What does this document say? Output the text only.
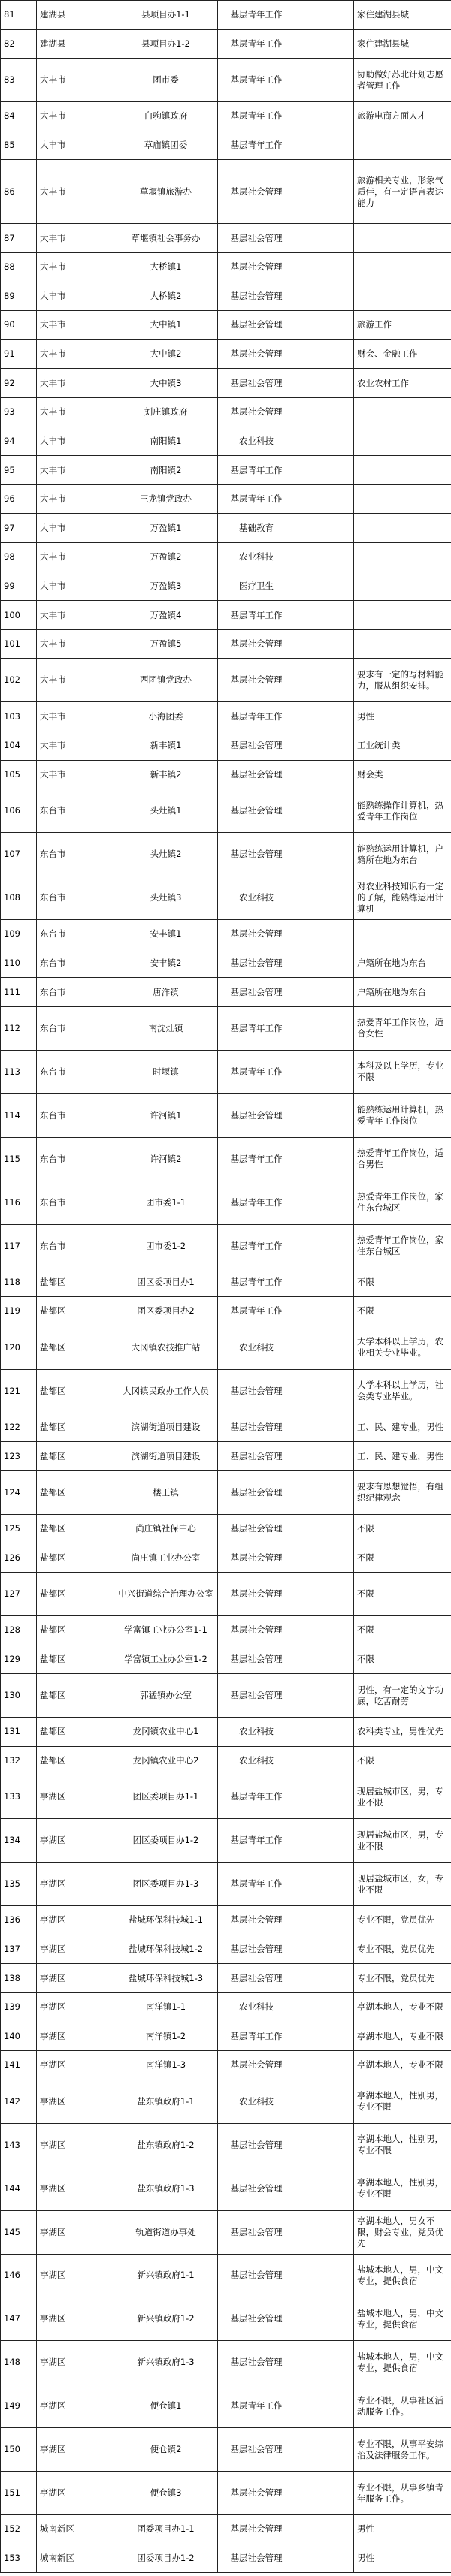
81	建湖县	县项目办1-1	基层青年工作		家住建湖县城
82	建湖县	县项目办1-2	基层青年工作		家住建湖县城
83	大丰市	团市委	基层青年工作		协助做好苏北计划志愿者管理工作
84	大丰市	白驹镇政府	基层青年工作		旅游电商方面人才
85	大丰市	草庙镇团委	基层青年工作		
86	大丰市	草堰镇旅游办	基层社会管理		旅游相关专业，形象气质佳，有一定语言表达能力
87	大丰市	草堰镇社会事务办	基层社会管理		
88	大丰市	大桥镇1	基层社会管理		
89	大丰市	大桥镇2	基层社会管理		
90	大丰市	大中镇1	基层社会管理		旅游工作
91	大丰市	大中镇2	基层社会管理		财会、金融工作
92	大丰市	大中镇3	基层社会管理		农业农村工作
93	大丰市	刘庄镇政府	基层社会管理		
94	大丰市	南阳镇1	农业科技		
95	大丰市	南阳镇2	基层青年工作		
96	大丰市	三龙镇党政办	基层青年工作		
97	大丰市	万盈镇1	基础教育		
98	大丰市	万盈镇2	农业科技		
99	大丰市	万盈镇3	医疗卫生		
100	大丰市	万盈镇4	基层青年工作		
101	大丰市	万盈镇5	基层社会管理		
102	大丰市	西团镇党政办	基层社会管理		要求有一定的写材料能力，服从组织安排。
103	大丰市	小海团委	基层青年工作		男性
104	大丰市	新丰镇1	基层社会管理		工业统计类
105	大丰市	新丰镇2	基层社会管理		财会类
106	东台市	头灶镇1	基层社会管理		能熟练操作计算机，热爱青年工作岗位
107	东台市	头灶镇2	基层社会管理		能熟练运用计算机，户籍所在地为东台
108	东台市	头灶镇3	农业科技		对农业科技知识有一定的了解，能熟练运用计算机
109	东台市	安丰镇1	基层社会管理		
110	东台市	安丰镇2	基层社会管理		户籍所在地为东台
111	东台市	唐洋镇	基层社会管理		户籍所在地为东台
112	东台市	南沈灶镇	基层青年工作		热爱青年工作岗位，适合女性
113	东台市	时堰镇	基层青年工作		本科及以上学历，专业不限
114	东台市	许河镇1	基层社会管理		能熟练运用计算机，热爱青年工作岗位
115	东台市	许河镇2	基层青年工作		热爱青年工作岗位，适合男性
116	东台市	团市委1-1	基层青年工作		热爱青年工作岗位，家住东台城区
117	东台市	团市委1-2	基层青年工作		热爱青年工作岗位，家住东台城区
118	盐都区	团区委项目办1	基层青年工作		不限
119	盐都区	团区委项目办2	基层青年工作		不限
120	盐都区	大冈镇农技推广站	农业科技		大学本科以上学历，农业相关专业毕业。
121	盐都区	大冈镇民政办工作人员	基层社会管理		大学本科以上学历，社会类专业毕业。
122	盐都区	滨湖街道项目建设	基层社会管理		工、民、建专业，男性
123	盐都区	滨湖街道项目建设	基层社会管理		工、民、建专业，男性
124	盐都区	楼王镇	基层社会管理		要求有思想觉悟，有组织纪律观念
125	盐都区	尚庄镇社保中心	基层社会管理		不限
126	盐都区	尚庄镇工业办公室	基层社会管理		不限
127	盐都区	中兴街道综合治理办公室	基层社会管理		不限
128	盐都区	学富镇工业办公室1-1	基层社会管理		不限
129	盐都区	学富镇工业办公室1-2	基层社会管理		不限
130	盐都区	郭猛镇办公室	基层社会管理		男性，有一定的文字功底，吃苦耐劳
131	盐都区	龙冈镇农业中心1	农业科技		农科类专业，男性优先
132	盐都区	龙冈镇农业中心2	农业科技		不限
133	亭湖区	团区委项目办1-1	基层青年工作		现居盐城市区，男，专业不限
134	亭湖区	团区委项目办1-2	基层青年工作		现居盐城市区，男，专业不限
135	亭湖区	团区委项目办1-3	基层青年工作		现居盐城市区，女，专业不限
136	亭湖区	盐城环保科技城1-1	基层社会管理		专业不限，党员优先
137	亭湖区	盐城环保科技城1-2	基层社会管理		专业不限，党员优先
138	亭湖区	盐城环保科技城1-3	基层社会管理		专业不限，党员优先
139	亭湖区	南洋镇1-1	农业科技		亭湖本地人，专业不限
140	亭湖区	南洋镇1-2	基层青年工作		亭湖本地人，专业不限
141	亭湖区	南洋镇1-3	基层社会管理		亭湖本地人，专业不限
142	亭湖区	盐东镇政府1-1	农业科技		亭湖本地人，性别男，专业不限
143	亭湖区	盐东镇政府1-2	基层社会管理		亭湖本地人，性别男，专业不限
144	亭湖区	盐东镇政府1-3	基层社会管理		亭湖本地人，性别男，专业不限
145	亭湖区	轨道街道办事处	基层社会管理		亭湖本地人，男女不限，财会专业，党员优先
146	亭湖区	新兴镇政府1-1	基层社会管理		盐城本地人，男，中文专业，提供食宿
147	亭湖区	新兴镇政府1-2	基层社会管理		盐城本地人，男，中文专业，提供食宿
148	亭湖区	新兴镇政府1-3	基层社会管理		盐城本地人，男，中文专业，提供食宿
149	亭湖区	便仓镇1	基层青年工作		专业不限，从事社区活动服务工作。
150	亭湖区	便仓镇2	基层社会管理		专业不限，从事平安综治及法律服务工作。
151	亭湖区	便仓镇3	基层社会管理		专业不限，从事乡镇青年服务工作。
152	城南新区	团委项目办1-1	基层社会管理		男性
153	城南新区	团委项目办1-2	基层社会管理		男性
